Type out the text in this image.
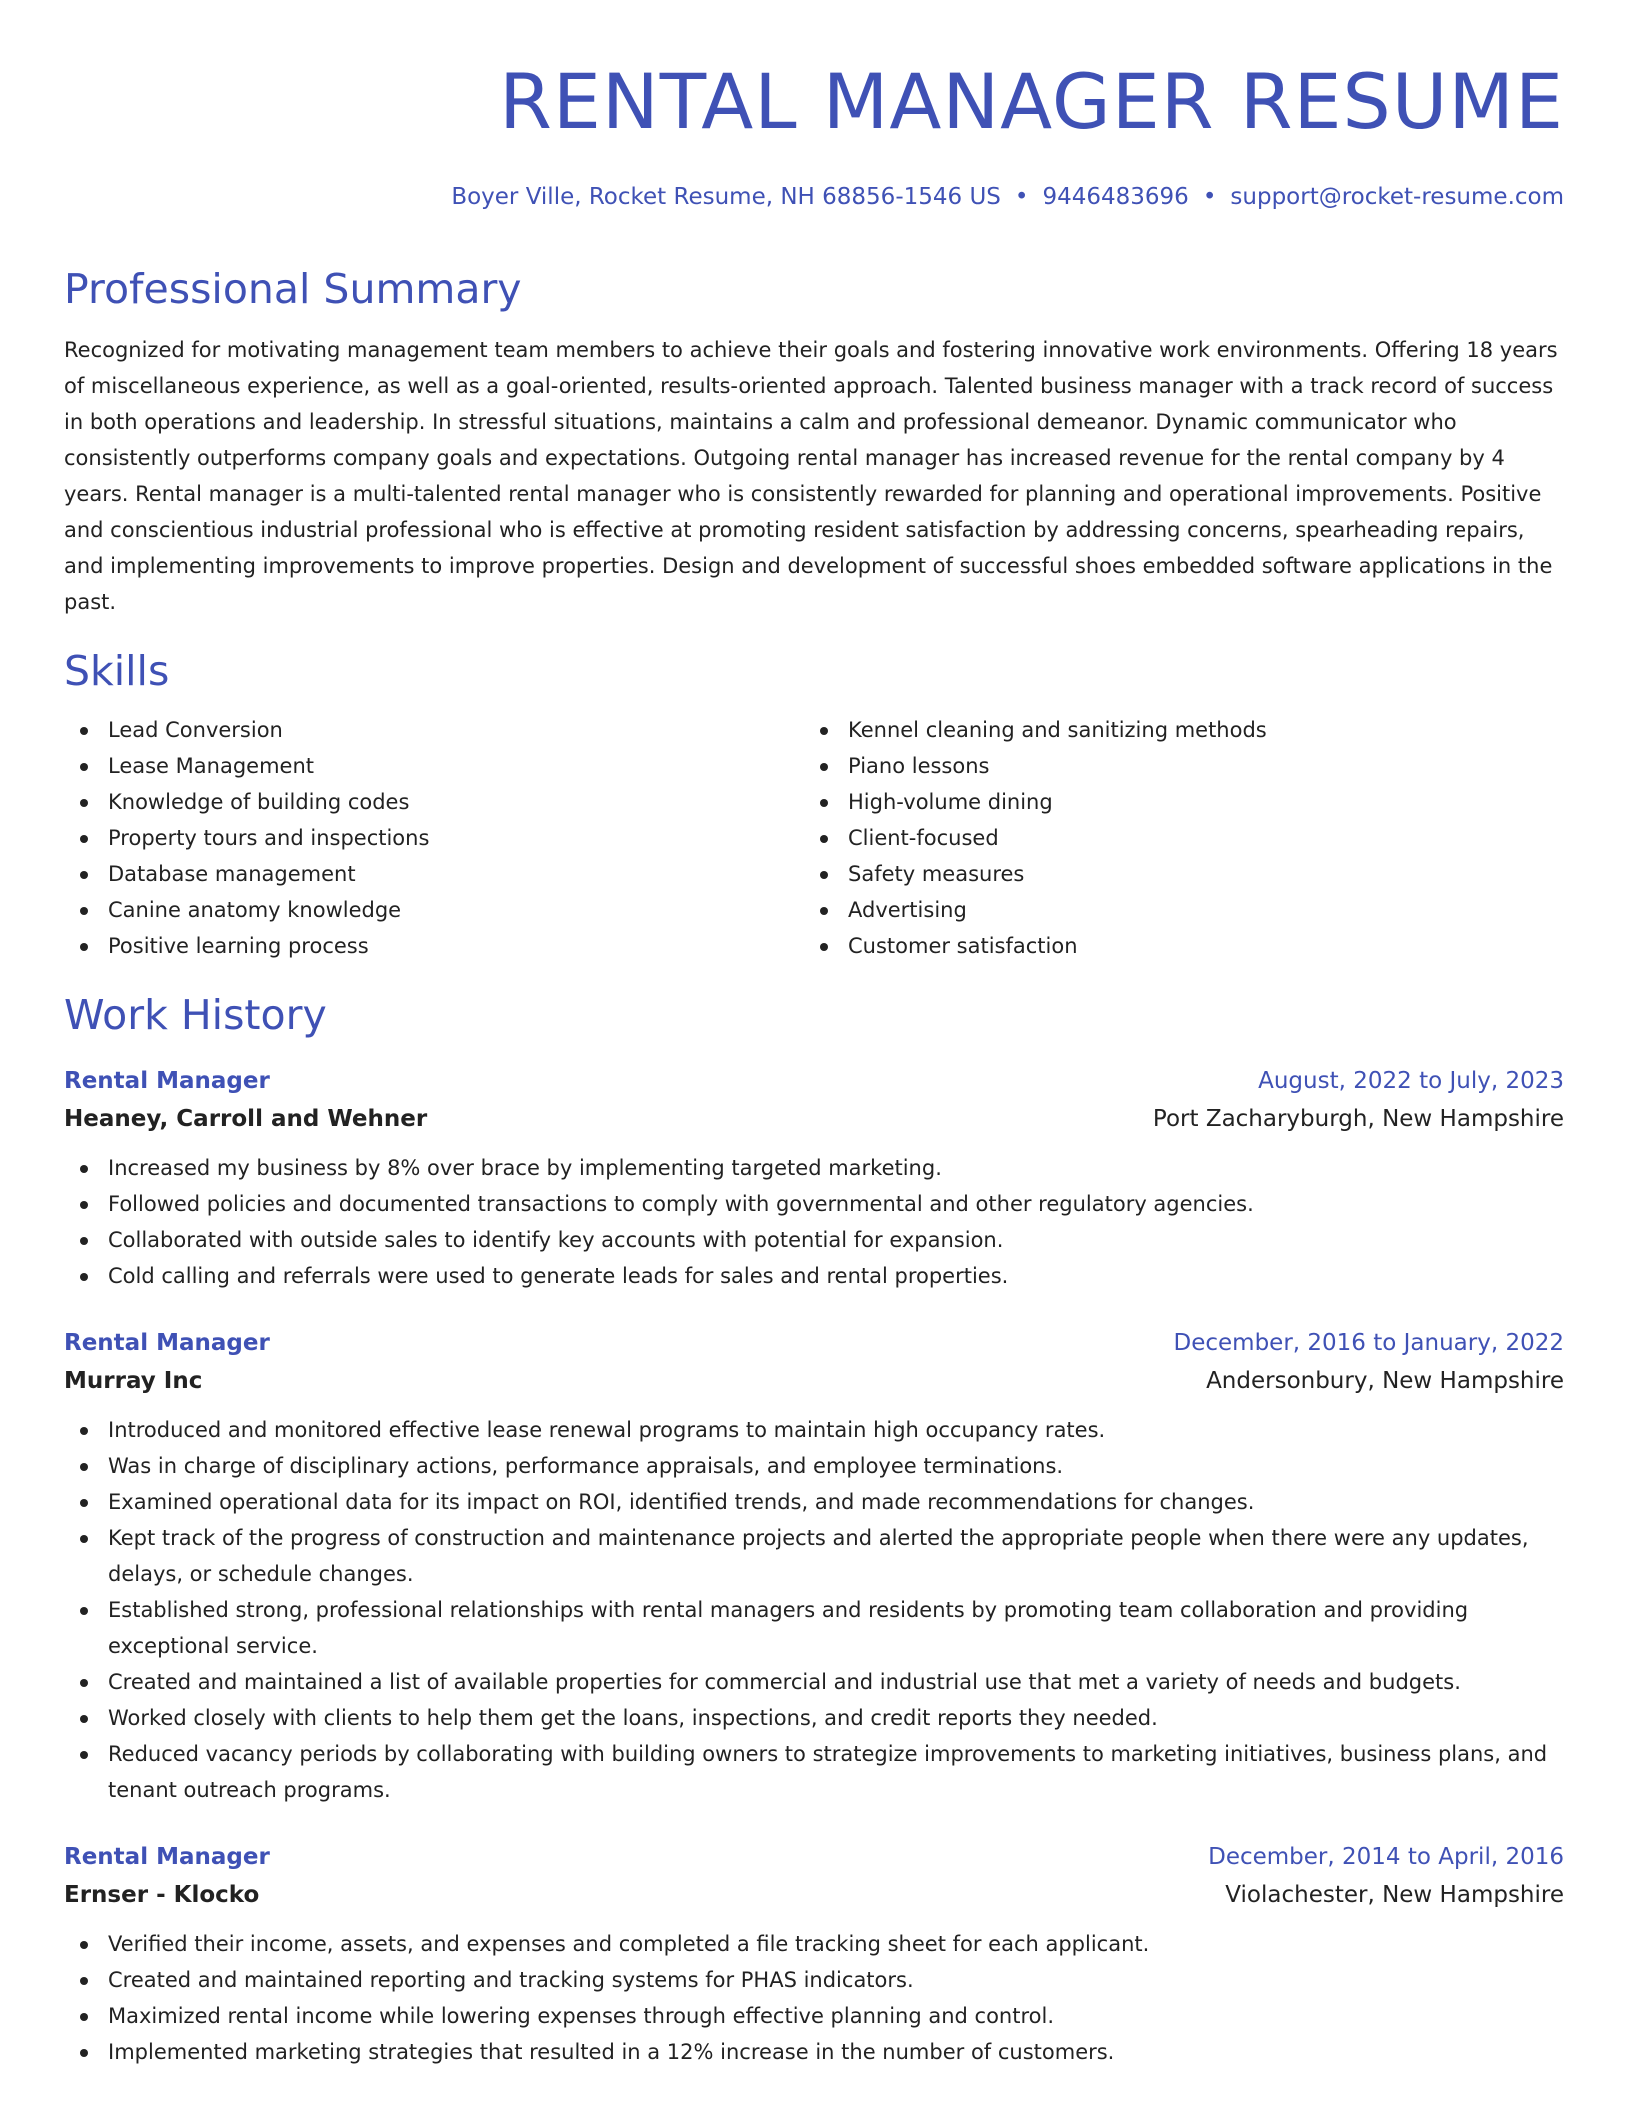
RENTAL MANAGER RESUME
Boyer Ville, Rocket Resume, NH 68856-1546 US • 9446483696 • support@rocket-resume.com
Professional Summary
Recognized for motivating management team members to achieve their goals and fostering innovative work environments. Offering 18 years of miscellaneous experience, as well as a goal-oriented, results-oriented approach. Talented business manager with a track record of success in both operations and leadership. In stressful situations, maintains a calm and professional demeanor. Dynamic communicator who consistently outperforms company goals and expectations. Outgoing rental manager has increased revenue for the rental company by 4 years. Rental manager is a multi-talented rental manager who is consistently rewarded for planning and operational improvements. Positive and conscientious industrial professional who is effective at promoting resident satisfaction by addressing concerns, spearheading repairs, and implementing improvements to improve properties. Design and development of successful shoes embedded software applications in the past.
Skills
Lead Conversion
Lease Management
Knowledge of building codes
Property tours and inspections
Database management
Canine anatomy knowledge
Positive learning process
Kennel cleaning and sanitizing methods
Piano lessons
High-volume dining
Client-focused
Safety measures
Advertising
Customer satisfaction
Work History
Rental Manager	August, 2022 to July, 2023
Heaney, Carroll and Wehner	Port Zacharyburgh, New Hampshire
Increased my business by 8% over brace by implementing targeted marketing.
Followed policies and documented transactions to comply with governmental and other regulatory agencies.
Collaborated with outside sales to identify key accounts with potential for expansion.
Cold calling and referrals were used to generate leads for sales and rental properties.
Rental Manager	December, 2016 to January, 2022
Murray Inc	Andersonbury, New Hampshire
Introduced and monitored effective lease renewal programs to maintain high occupancy rates.
Was in charge of disciplinary actions, performance appraisals, and employee terminations.
Examined operational data for its impact on ROI, identified trends, and made recommendations for changes.
Kept track of the progress of construction and maintenance projects and alerted the appropriate people when there were any updates, delays, or schedule changes.
Established strong, professional relationships with rental managers and residents by promoting team collaboration and providing exceptional service.
Created and maintained a list of available properties for commercial and industrial use that met a variety of needs and budgets.
Worked closely with clients to help them get the loans, inspections, and credit reports they needed.
Reduced vacancy periods by collaborating with building owners to strategize improvements to marketing initiatives, business plans, and tenant outreach programs.
Rental Manager	December, 2014 to April, 2016
Ernser - Klocko	Violachester, New Hampshire
Verified their income, assets, and expenses and completed a file tracking sheet for each applicant.
Created and maintained reporting and tracking systems for PHAS indicators.
Maximized rental income while lowering expenses through effective planning and control.
Implemented marketing strategies that resulted in a 12% increase in the number of customers.
